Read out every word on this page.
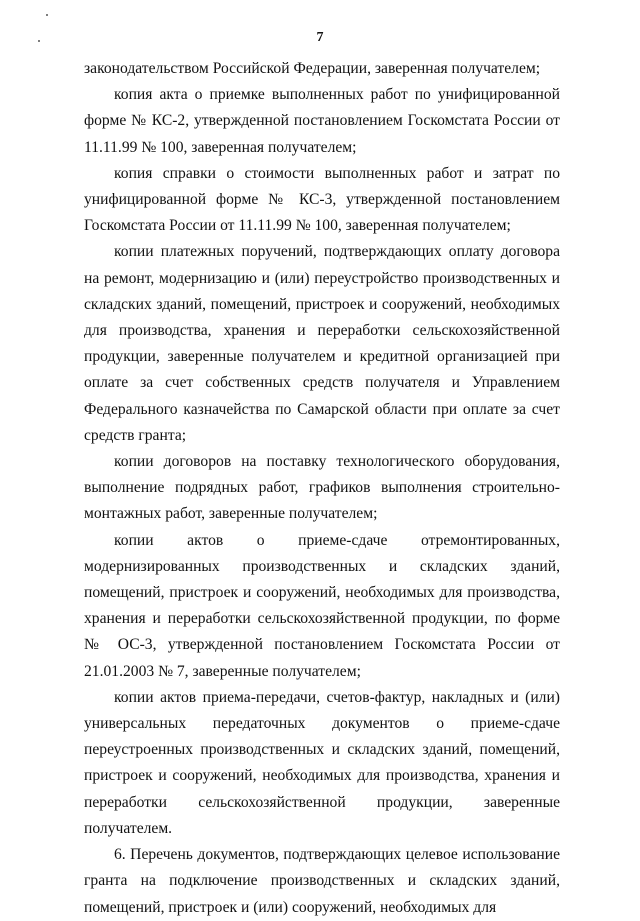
7

законодательством Российской Федерации, заверенная получателем;

копия акта о приемке выполненных работ по унифицированной форме № КС-2, утвержденной постановлением Госкомстата России от 11.11.99 № 100, заверенная получателем;

копия справки о стоимости выполненных работ и затрат по унифицированной форме № КС-3, утвержденной постановлением Госкомстата России от 11.11.99 № 100, заверенная получателем;

копии платежных поручений, подтверждающих оплату договора на ремонт, модернизацию и (или) переустройство производственных и складских зданий, помещений, пристроек и сооружений, необходимых для производства, хранения и переработки сельскохозяйственной продукции, заверенные получателем и кредитной организацией при оплате за счет собственных средств получателя и Управлением Федерального казначейства по Самарской области при оплате за счет средств гранта;

копии договоров на поставку технологического оборудования, выполнение подрядных работ, графиков выполнения строительно-монтажных работ, заверенные получателем;

копии актов о приеме-сдаче отремонтированных, модернизированных производственных и складских зданий, помещений, пристроек и сооружений, необходимых для производства, хранения и переработки сельскохозяйственной продукции, по форме № ОС-3, утвержденной постановлением Госкомстата России от 21.01.2003 № 7, заверенные получателем;

копии актов приема-передачи, счетов-фактур, накладных и (или) универсальных передаточных документов о приеме-сдаче переустроенных производственных и складских зданий, помещений, пристроек и сооружений, необходимых для производства, хранения и переработки сельскохозяйственной продукции, заверенные получателем.

6. Перечень документов, подтверждающих целевое использование гранта на подключение производственных и складских зданий, помещений, пристроек и (или) сооружений, необходимых для
